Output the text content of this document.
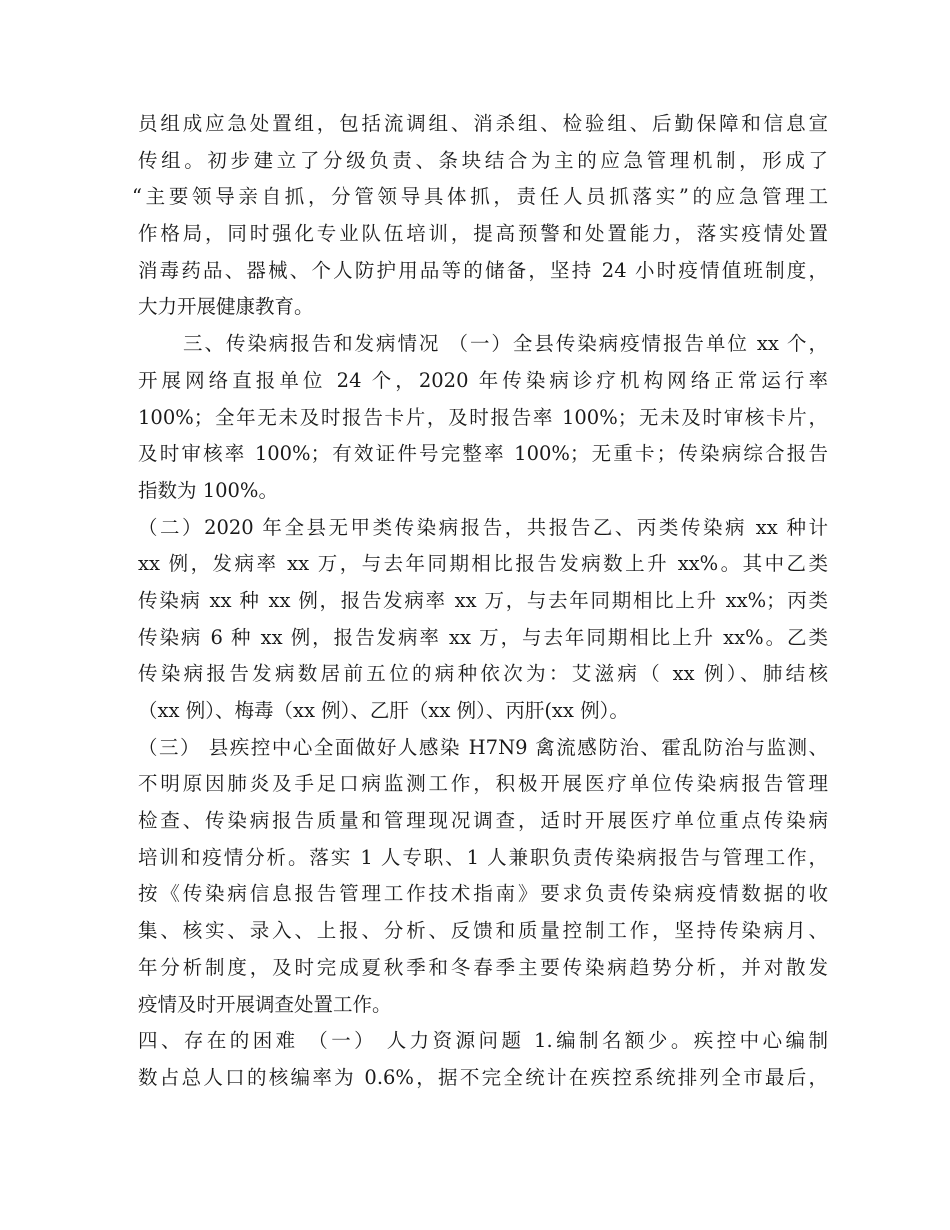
员组成应急处置组，包括流调组、消杀组、检验组、后勤保障和信息宣

传组。初步建立了分级负责、条块结合为主的应急管理机制，形成了

“主要领导亲自抓，分管领导具体抓，责任人员抓落实”的应急管理工

作格局，同时强化专业队伍培训，提高预警和处置能力，落实疫情处置

消毒药品、器械、个人防护用品等的储备，坚持 24 小时疫情值班制度，

大力开展健康教育。

三、传染病报告和发病情况 （一）全县传染病疫情报告单位 xx 个，

开展网络直报单位 24 个，2020 年传染病诊疗机构网络正常运行率

100%；全年无未及时报告卡片，及时报告率 100%；无未及时审核卡片，

及时审核率 100%；有效证件号完整率 100%；无重卡；传染病综合报告

指数为 100%。

（二）2020 年全县无甲类传染病报告，共报告乙、丙类传染病 xx 种计

xx 例，发病率 xx 万，与去年同期相比报告发病数上升 xx%。其中乙类

传染病 xx 种 xx 例，报告发病率 xx 万，与去年同期相比上升 xx%；丙类

传染病 6 种 xx 例，报告发病率 xx 万，与去年同期相比上升 xx%。乙类

传染病报告发病数居前五位的病种依次为：艾滋病（ xx 例）、肺结核

（xx 例）、梅毒（xx 例）、乙肝（xx 例）、丙肝(xx 例）。

（三） 县疾控中心全面做好人感染 H7N9 禽流感防治、霍乱防治与监测、

不明原因肺炎及手足口病监测工作，积极开展医疗单位传染病报告管理

检查、传染病报告质量和管理现况调查，适时开展医疗单位重点传染病

培训和疫情分析。落实 1 人专职、1 人兼职负责传染病报告与管理工作，

按《传染病信息报告管理工作技术指南》要求负责传染病疫情数据的收

集、核实、录入、上报、分析、反馈和质量控制工作，坚持传染病月、

年分析制度，及时完成夏秋季和冬春季主要传染病趋势分析，并对散发

疫情及时开展调查处置工作。

四、存在的困难 （一） 人力资源问题 1.编制名额少。疾控中心编制

数占总人口的核编率为 0.6%，据不完全统计在疾控系统排列全市最后，
